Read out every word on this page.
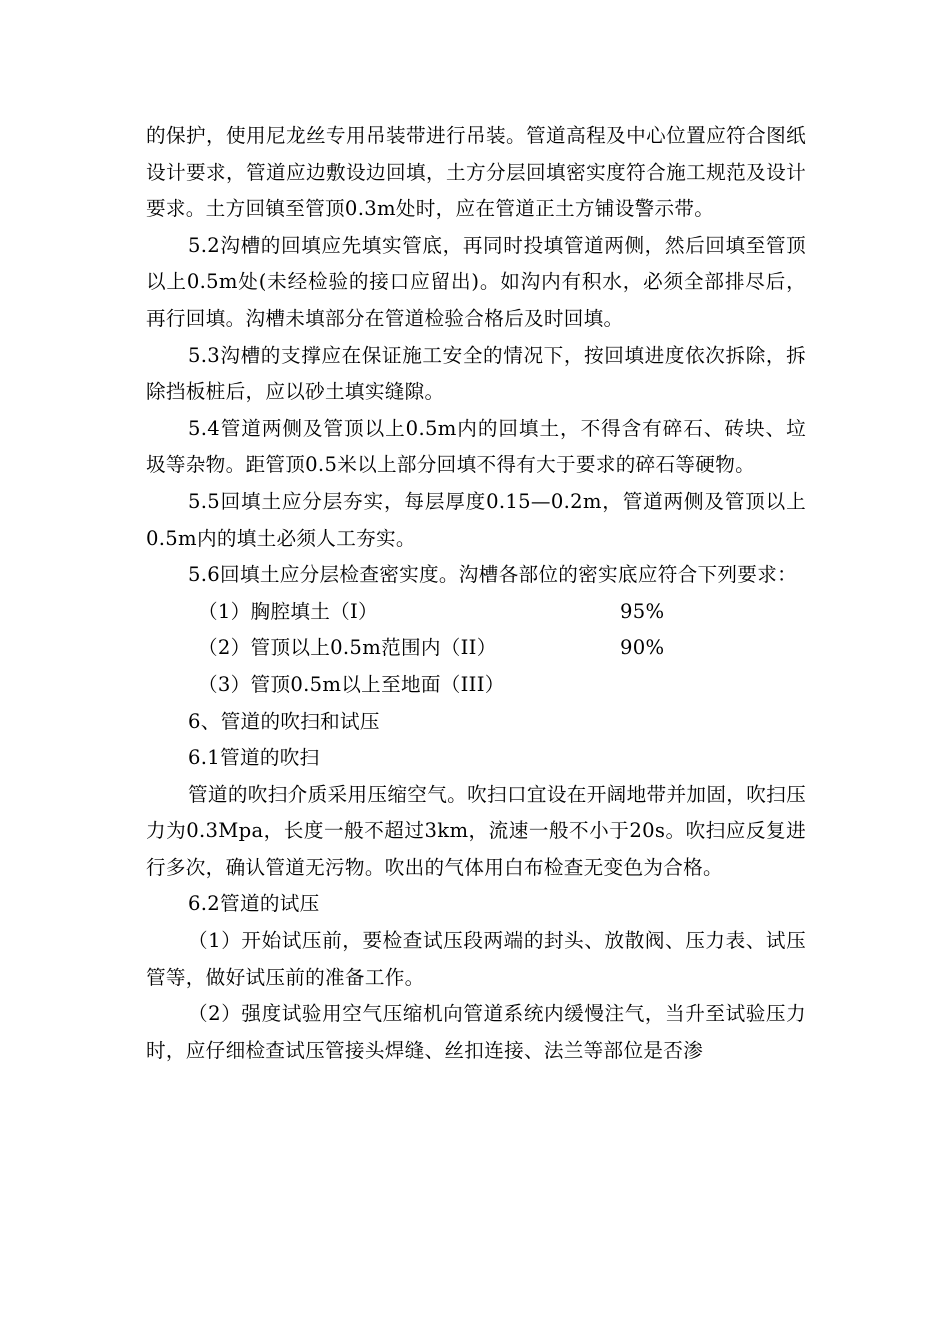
的保护，使用尼龙丝专用吊装带进行吊装。管道高程及中心位置应符合图纸设计要求，管道应边敷设边回填，土方分层回填密实度符合施工规范及设计要求。土方回镇至管顶0.3m处时，应在管道正土方铺设警示带。

5.2沟槽的回填应先填实管底，再同时投填管道两侧，然后回填至管顶以上0.5m处(未经检验的接口应留出)。如沟内有积水，必须全部排尽后，再行回填。沟槽未填部分在管道检验合格后及时回填。

5.3沟槽的支撑应在保证施工安全的情况下，按回填进度依次拆除，拆除挡板桩后，应以砂土填实缝隙。

5.4管道两侧及管顶以上0.5m内的回填土，不得含有碎石、砖块、垃圾等杂物。距管顶0.5米以上部分回填不得有大于要求的碎石等硬物。

5.5回填土应分层夯实，每层厚度0.15—0.2m，管道两侧及管顶以上0.5m内的填土必须人工夯实。

5.6回填土应分层检查密实度。沟槽各部位的密实底应符合下列要求：

（1）胸腔填土（I）	95%

（2）管顶以上0.5m范围内（II）	90%

（3）管顶0.5m以上至地面（III）

6、管道的吹扫和试压

6.1管道的吹扫

管道的吹扫介质采用压缩空气。吹扫口宜设在开阔地带并加固，吹扫压力为0.3Mpa，长度一般不超过3km，流速一般不小于20s。吹扫应反复进行多次，确认管道无污物。吹出的气体用白布检查无变色为合格。

6.2管道的试压

（1）开始试压前，要检查试压段两端的封头、放散阀、压力表、试压管等，做好试压前的准备工作。

（2）强度试验用空气压缩机向管道系统内缓慢注气，当升至试验压力时，应仔细检查试压管接头焊缝、丝扣连接、法兰等部位是否渗
